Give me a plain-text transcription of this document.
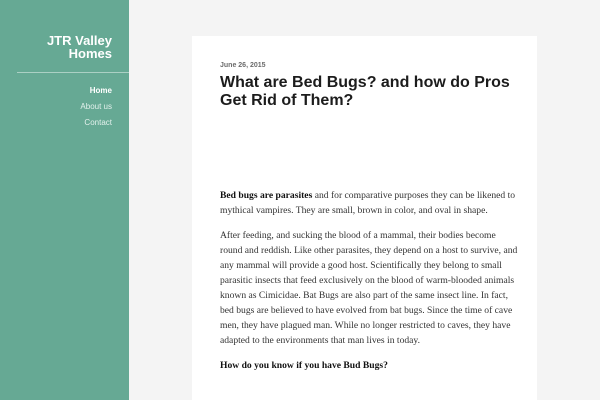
JTR Valley
Homes
Home
About us
Contact
June 26, 2015
What are Bed Bugs? and how do Pros Get Rid of Them?

Bed bugs are parasites and for comparative purposes they can be likened to mythical vampires. They are small, brown in color, and oval in shape.

After feeding, and sucking the blood of a mammal, their bodies become round and reddish. Like other parasites, they depend on a host to survive, and any mammal will provide a good host. Scientifically they belong to small parasitic insects that feed exclusively on the blood of warm-blooded animals known as Cimicidae. Bat Bugs are also part of the same insect line. In fact, bed bugs are believed to have evolved from bat bugs. Since the time of cave men, they have plagued man. While no longer restricted to caves, they have adapted to the environments that man lives in today.

How do you know if you have Bud Bugs?
